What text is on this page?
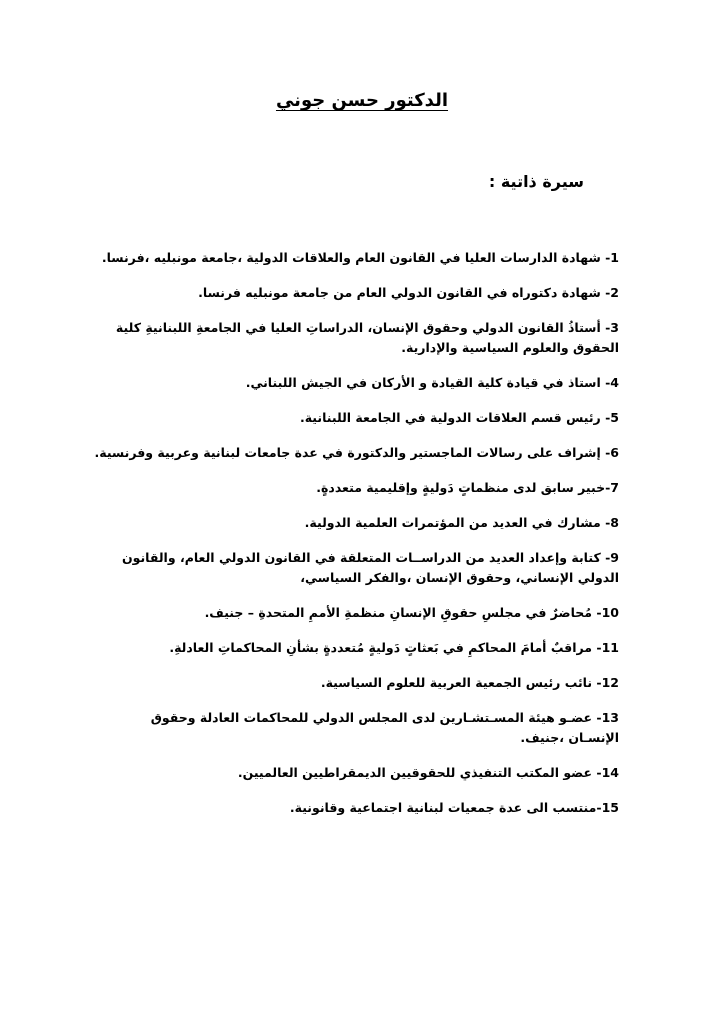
الدكتور حسن جوني
سيرة ذاتية :
1- شهادة الدارسات العليا في القانون العام والعلاقات الدولية ،جامعة مونبليه ،فرنسا.
2- شهادة دكتوراه في القانون الدولي العام من جامعة مونبليه فرنسا.
3- أستاذُ القانون الدولي وحقوق الإنسان، الدراساتِ العليا في الجامعةِ اللبنانيةِ كلية الحقوق والعلوم السياسية والإدارية.
4- استاذ في قيادة كلية القيادة و الأركان في الجيش اللبناني.
5- رئيس قسم العلاقات الدولية في الجامعة اللبنانية.
6- إشراف على رسالات الماجستير والدكتورة في عدة جامعات لبنانية وعربية وفرنسية.
7-خبير سابق لدى منظماتٍ دَوليةٍ وإقليمية متعددةٍ.
8- مشارك في العديد من المؤتمرات العلمية الدولية.
9- كتابة وإعداد العديد من الدراســات المتعلقة في القانون الدولي العام، والقانون الدولي الإنساني، وحقوق الإنسان ،والفكر السياسي،
10- مُحاضرٌ في مجلسِ حقوقِ الإنسانِ منظمةِ الأممِ المتحدةِ – جنيف.
11- مراقبٌ أمامَ المحاكمِ في بَعثاتٍ دَوليةٍ مُتعددةٍ بشأنِ المحاكماتِ العادلةِ.
12- نائب رئيس الجمعية العربية للعلوم السياسية.
13- عضـو هيئة المسـتشـارين لدى المجلس الدولي للمحاكمات العادلة وحقوق الإنسـان ،جنيف.
14- عضو المكتب التنفيذي للحقوقيين الديمقراطيين العالميين.
15-منتسب الى عدة جمعيات لبنانية اجتماعية وقانونية.
